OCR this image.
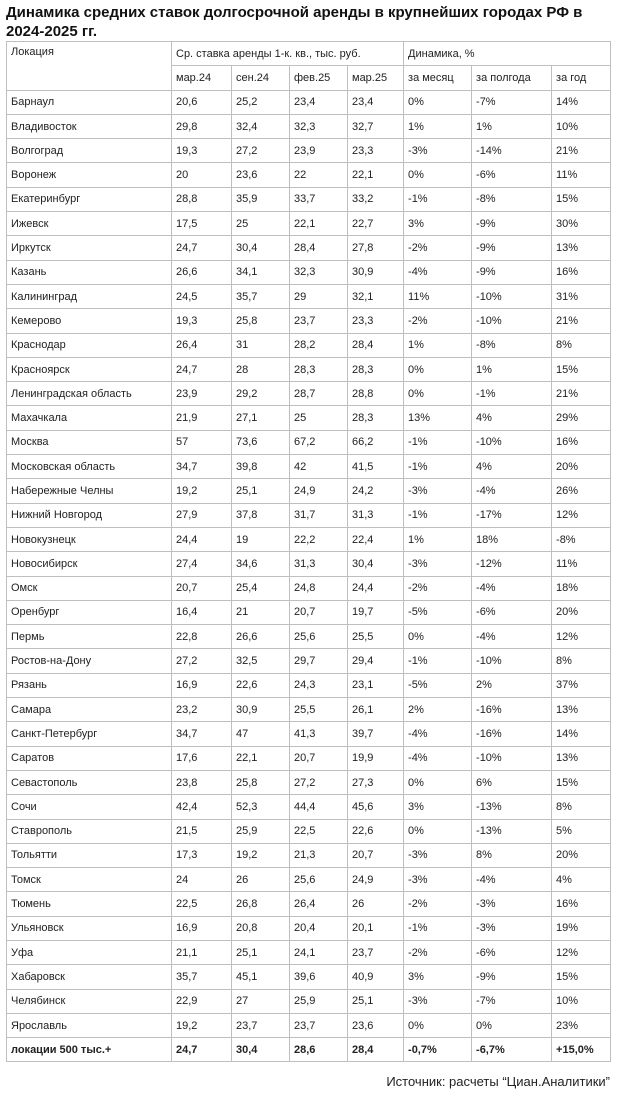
Динамика средних ставок долгосрочной аренды в крупнейших городах РФ в 2024-2025 гг.
Локация	Ср. ставка аренды 1-к. кв., тыс. руб.				Динамика, %		
	мар.24	сен.24	фев.25	мар.25	за месяц	за полгода	за год
Барнаул	20,6	25,2	23,4	23,4	0%	-7%	14%
Владивосток	29,8	32,4	32,3	32,7	1%	1%	10%
Волгоград	19,3	27,2	23,9	23,3	-3%	-14%	21%
Воронеж	20	23,6	22	22,1	0%	-6%	11%
Екатеринбург	28,8	35,9	33,7	33,2	-1%	-8%	15%
Ижевск	17,5	25	22,1	22,7	3%	-9%	30%
Иркутск	24,7	30,4	28,4	27,8	-2%	-9%	13%
Казань	26,6	34,1	32,3	30,9	-4%	-9%	16%
Калининград	24,5	35,7	29	32,1	11%	-10%	31%
Кемерово	19,3	25,8	23,7	23,3	-2%	-10%	21%
Краснодар	26,4	31	28,2	28,4	1%	-8%	8%
Красноярск	24,7	28	28,3	28,3	0%	1%	15%
Ленинградская область	23,9	29,2	28,7	28,8	0%	-1%	21%
Махачкала	21,9	27,1	25	28,3	13%	4%	29%
Москва	57	73,6	67,2	66,2	-1%	-10%	16%
Московская область	34,7	39,8	42	41,5	-1%	4%	20%
Набережные Челны	19,2	25,1	24,9	24,2	-3%	-4%	26%
Нижний Новгород	27,9	37,8	31,7	31,3	-1%	-17%	12%
Новокузнецк	24,4	19	22,2	22,4	1%	18%	-8%
Новосибирск	27,4	34,6	31,3	30,4	-3%	-12%	11%
Омск	20,7	25,4	24,8	24,4	-2%	-4%	18%
Оренбург	16,4	21	20,7	19,7	-5%	-6%	20%
Пермь	22,8	26,6	25,6	25,5	0%	-4%	12%
Ростов-на-Дону	27,2	32,5	29,7	29,4	-1%	-10%	8%
Рязань	16,9	22,6	24,3	23,1	-5%	2%	37%
Самара	23,2	30,9	25,5	26,1	2%	-16%	13%
Санкт-Петербург	34,7	47	41,3	39,7	-4%	-16%	14%
Саратов	17,6	22,1	20,7	19,9	-4%	-10%	13%
Севастополь	23,8	25,8	27,2	27,3	0%	6%	15%
Сочи	42,4	52,3	44,4	45,6	3%	-13%	8%
Ставрополь	21,5	25,9	22,5	22,6	0%	-13%	5%
Тольятти	17,3	19,2	21,3	20,7	-3%	8%	20%
Томск	24	26	25,6	24,9	-3%	-4%	4%
Тюмень	22,5	26,8	26,4	26	-2%	-3%	16%
Ульяновск	16,9	20,8	20,4	20,1	-1%	-3%	19%
Уфа	21,1	25,1	24,1	23,7	-2%	-6%	12%
Хабаровск	35,7	45,1	39,6	40,9	3%	-9%	15%
Челябинск	22,9	27	25,9	25,1	-3%	-7%	10%
Ярославль	19,2	23,7	23,7	23,6	0%	0%	23%
локации 500 тыс.+	24,7	30,4	28,6	28,4	-0,7%	-6,7%	+15,0%
Источник: расчеты “Циан.Аналитики”
